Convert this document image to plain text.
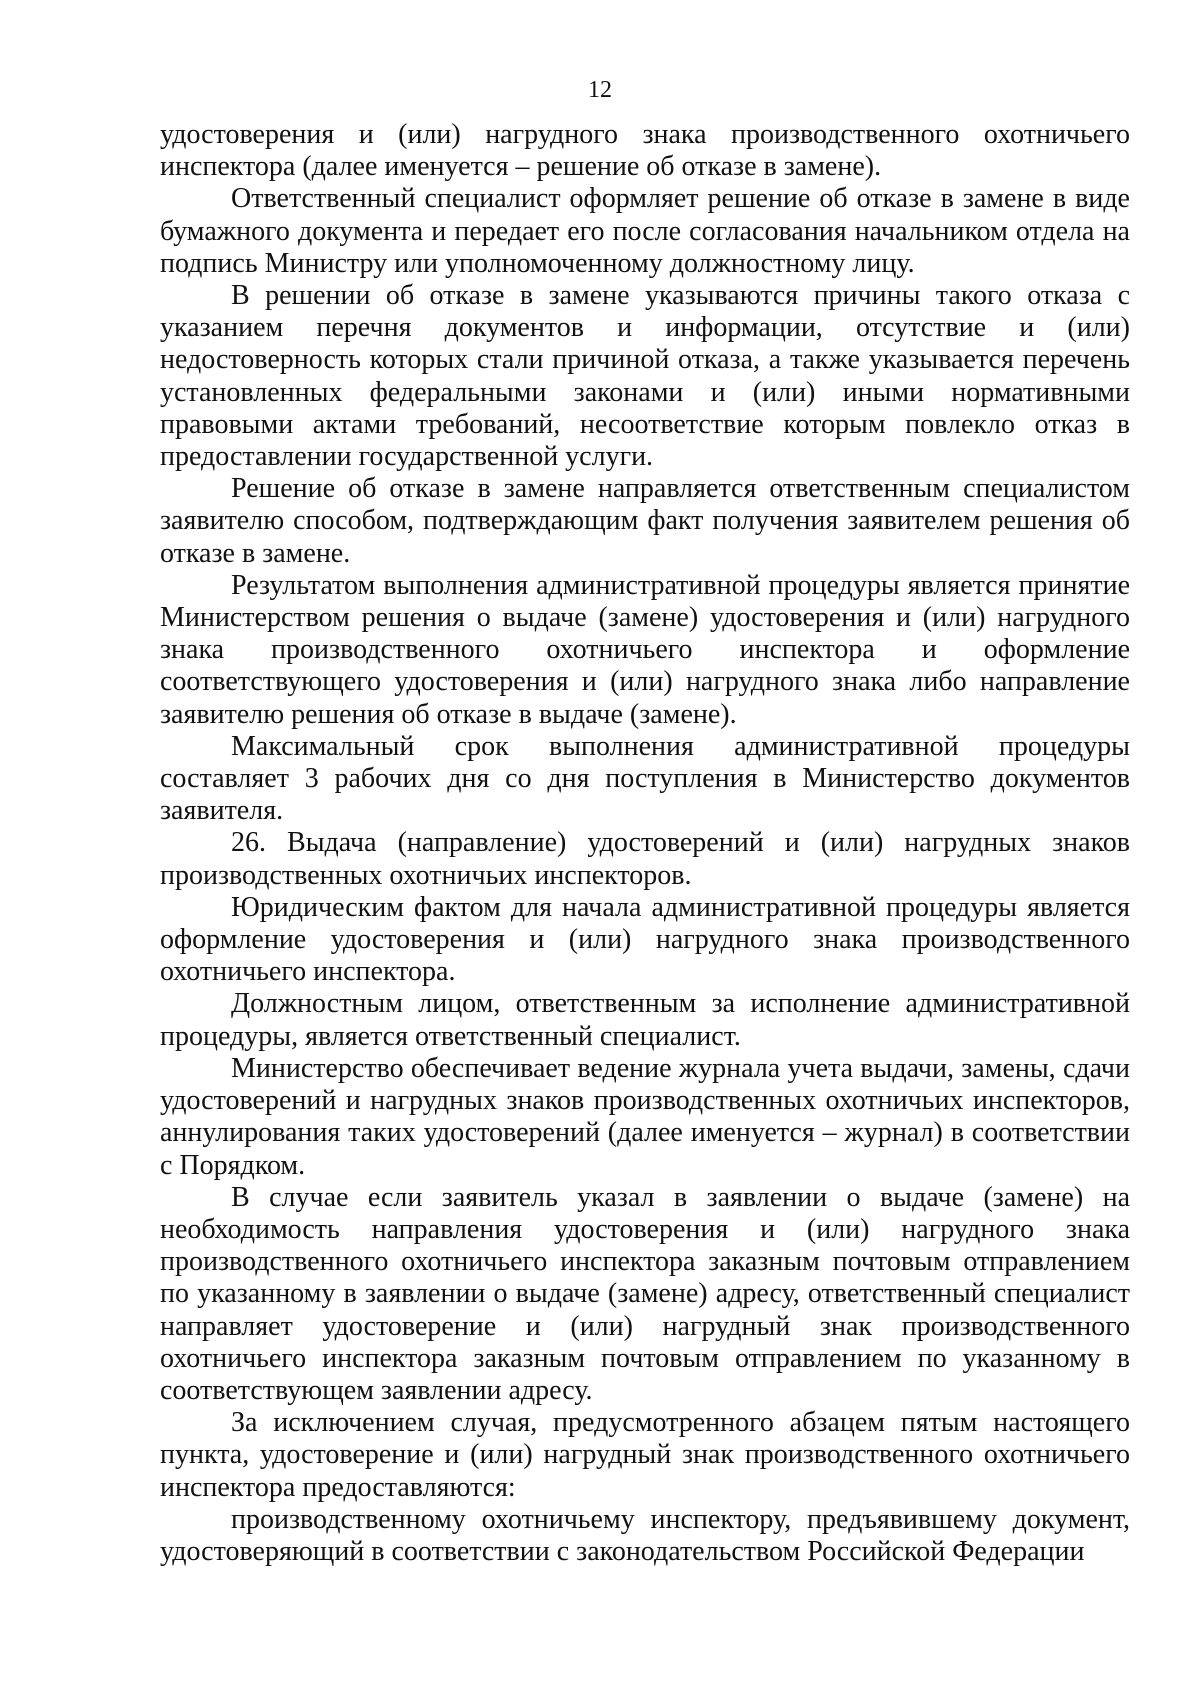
12

удостоверения и (или) нагрудного знака производственного охотничьего инспектора (далее именуется – решение об отказе в замене).

Ответственный специалист оформляет решение об отказе в замене в виде бумажного документа и передает его после согласования начальником отдела на подпись Министру или уполномоченному должностному лицу.

В решении об отказе в замене указываются причины такого отказа с указанием перечня документов и информации, отсутствие и (или) недостоверность которых стали причиной отказа, а также указывается перечень установленных федеральными законами и (или) иными нормативными правовыми актами требований, несоответствие которым повлекло отказ в предоставлении государственной услуги.

Решение об отказе в замене направляется ответственным специалистом заявителю способом, подтверждающим факт получения заявителем решения об отказе в замене.

Результатом выполнения административной процедуры является принятие Министерством решения о выдаче (замене) удостоверения и (или) нагрудного знака производственного охотничьего инспектора и оформление соответствующего удостоверения и (или) нагрудного знака либо направление заявителю решения об отказе в выдаче (замене).

Максимальный срок выполнения административной процедуры составляет 3 рабочих дня со дня поступления в Министерство документов заявителя.

26. Выдача (направление) удостоверений и (или) нагрудных знаков производственных охотничьих инспекторов.

Юридическим фактом для начала административной процедуры является оформление удостоверения и (или) нагрудного знака производственного охотничьего инспектора.

Должностным лицом, ответственным за исполнение административной процедуры, является ответственный специалист.

Министерство обеспечивает ведение журнала учета выдачи, замены, сдачи удостоверений и нагрудных знаков производственных охотничьих инспекторов, аннулирования таких удостоверений (далее именуется – журнал) в соответствии с Порядком.

В случае если заявитель указал в заявлении о выдаче (замене) на необходимость направления удостоверения и (или) нагрудного знака производственного охотничьего инспектора заказным почтовым отправлением по указанному в заявлении о выдаче (замене) адресу, ответственный специалист направляет удостоверение и (или) нагрудный знак производственного охотничьего инспектора заказным почтовым отправлением по указанному в соответствующем заявлении адресу.

За исключением случая, предусмотренного абзацем пятым настоящего пункта, удостоверение и (или) нагрудный знак производственного охотничьего инспектора предоставляются:

производственному охотничьему инспектору, предъявившему документ, удостоверяющий в соответствии с законодательством Российской Федерации
